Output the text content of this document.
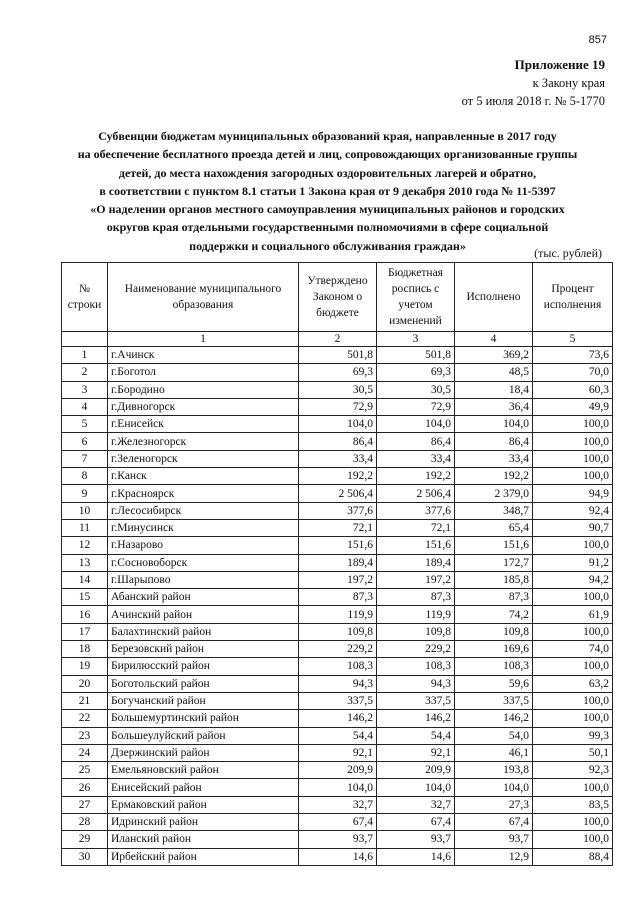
857
Приложение 19
к Закону края
от 5 июля 2018 г. № 5-1770
Субвенции бюджетам муниципальных образований края, направленные в 2017 году
на обеспечение бесплатного проезда детей и лиц, сопровождающих организованные группы
детей, до места нахождения загородных оздоровительных лагерей и обратно,
в соответствии с пунктом 8.1 статьи 1 Закона края от 9 декабря 2010 года № 11-5397
«О наделении органов местного самоуправления муниципальных районов и городских
округов края отдельными государственными полномочиями в сфере социальной
поддержки и социального обслуживания граждан»
(тыс. рублей)
№ строки	Наименование муниципального образования	Утверждено Законом о бюджете	Бюджетная роспись с учетом изменений	Исполнено	Процент исполнения
	1	2	3	4	5
1	г.Ачинск	501,8	501,8	369,2	73,6
2	г.Боготол	69,3	69,3	48,5	70,0
3	г.Бородино	30,5	30,5	18,4	60,3
4	г.Дивногорск	72,9	72,9	36,4	49,9
5	г.Енисейск	104,0	104,0	104,0	100,0
6	г.Железногорск	86,4	86,4	86,4	100,0
7	г.Зеленогорск	33,4	33,4	33,4	100,0
8	г.Канск	192,2	192,2	192,2	100,0
9	г.Красноярск	2 506,4	2 506,4	2 379,0	94,9
10	г.Лесосибирск	377,6	377,6	348,7	92,4
11	г.Минусинск	72,1	72,1	65,4	90,7
12	г.Назарово	151,6	151,6	151,6	100,0
13	г.Сосновоборск	189,4	189,4	172,7	91,2
14	г.Шарыпово	197,2	197,2	185,8	94,2
15	Абанский район	87,3	87,3	87,3	100,0
16	Ачинский район	119,9	119,9	74,2	61,9
17	Балахтинский район	109,8	109,8	109,8	100,0
18	Березовский район	229,2	229,2	169,6	74,0
19	Бирилюсский район	108,3	108,3	108,3	100,0
20	Боготольский район	94,3	94,3	59,6	63,2
21	Богучанский район	337,5	337,5	337,5	100,0
22	Большемуртинский район	146,2	146,2	146,2	100,0
23	Большеулуйский район	54,4	54,4	54,0	99,3
24	Дзержинский район	92,1	92,1	46,1	50,1
25	Емельяновский район	209,9	209,9	193,8	92,3
26	Енисейский район	104,0	104,0	104,0	100,0
27	Ермаковский район	32,7	32,7	27,3	83,5
28	Идринский район	67,4	67,4	67,4	100,0
29	Иланский район	93,7	93,7	93,7	100,0
30	Ирбейский район	14,6	14,6	12,9	88,4
